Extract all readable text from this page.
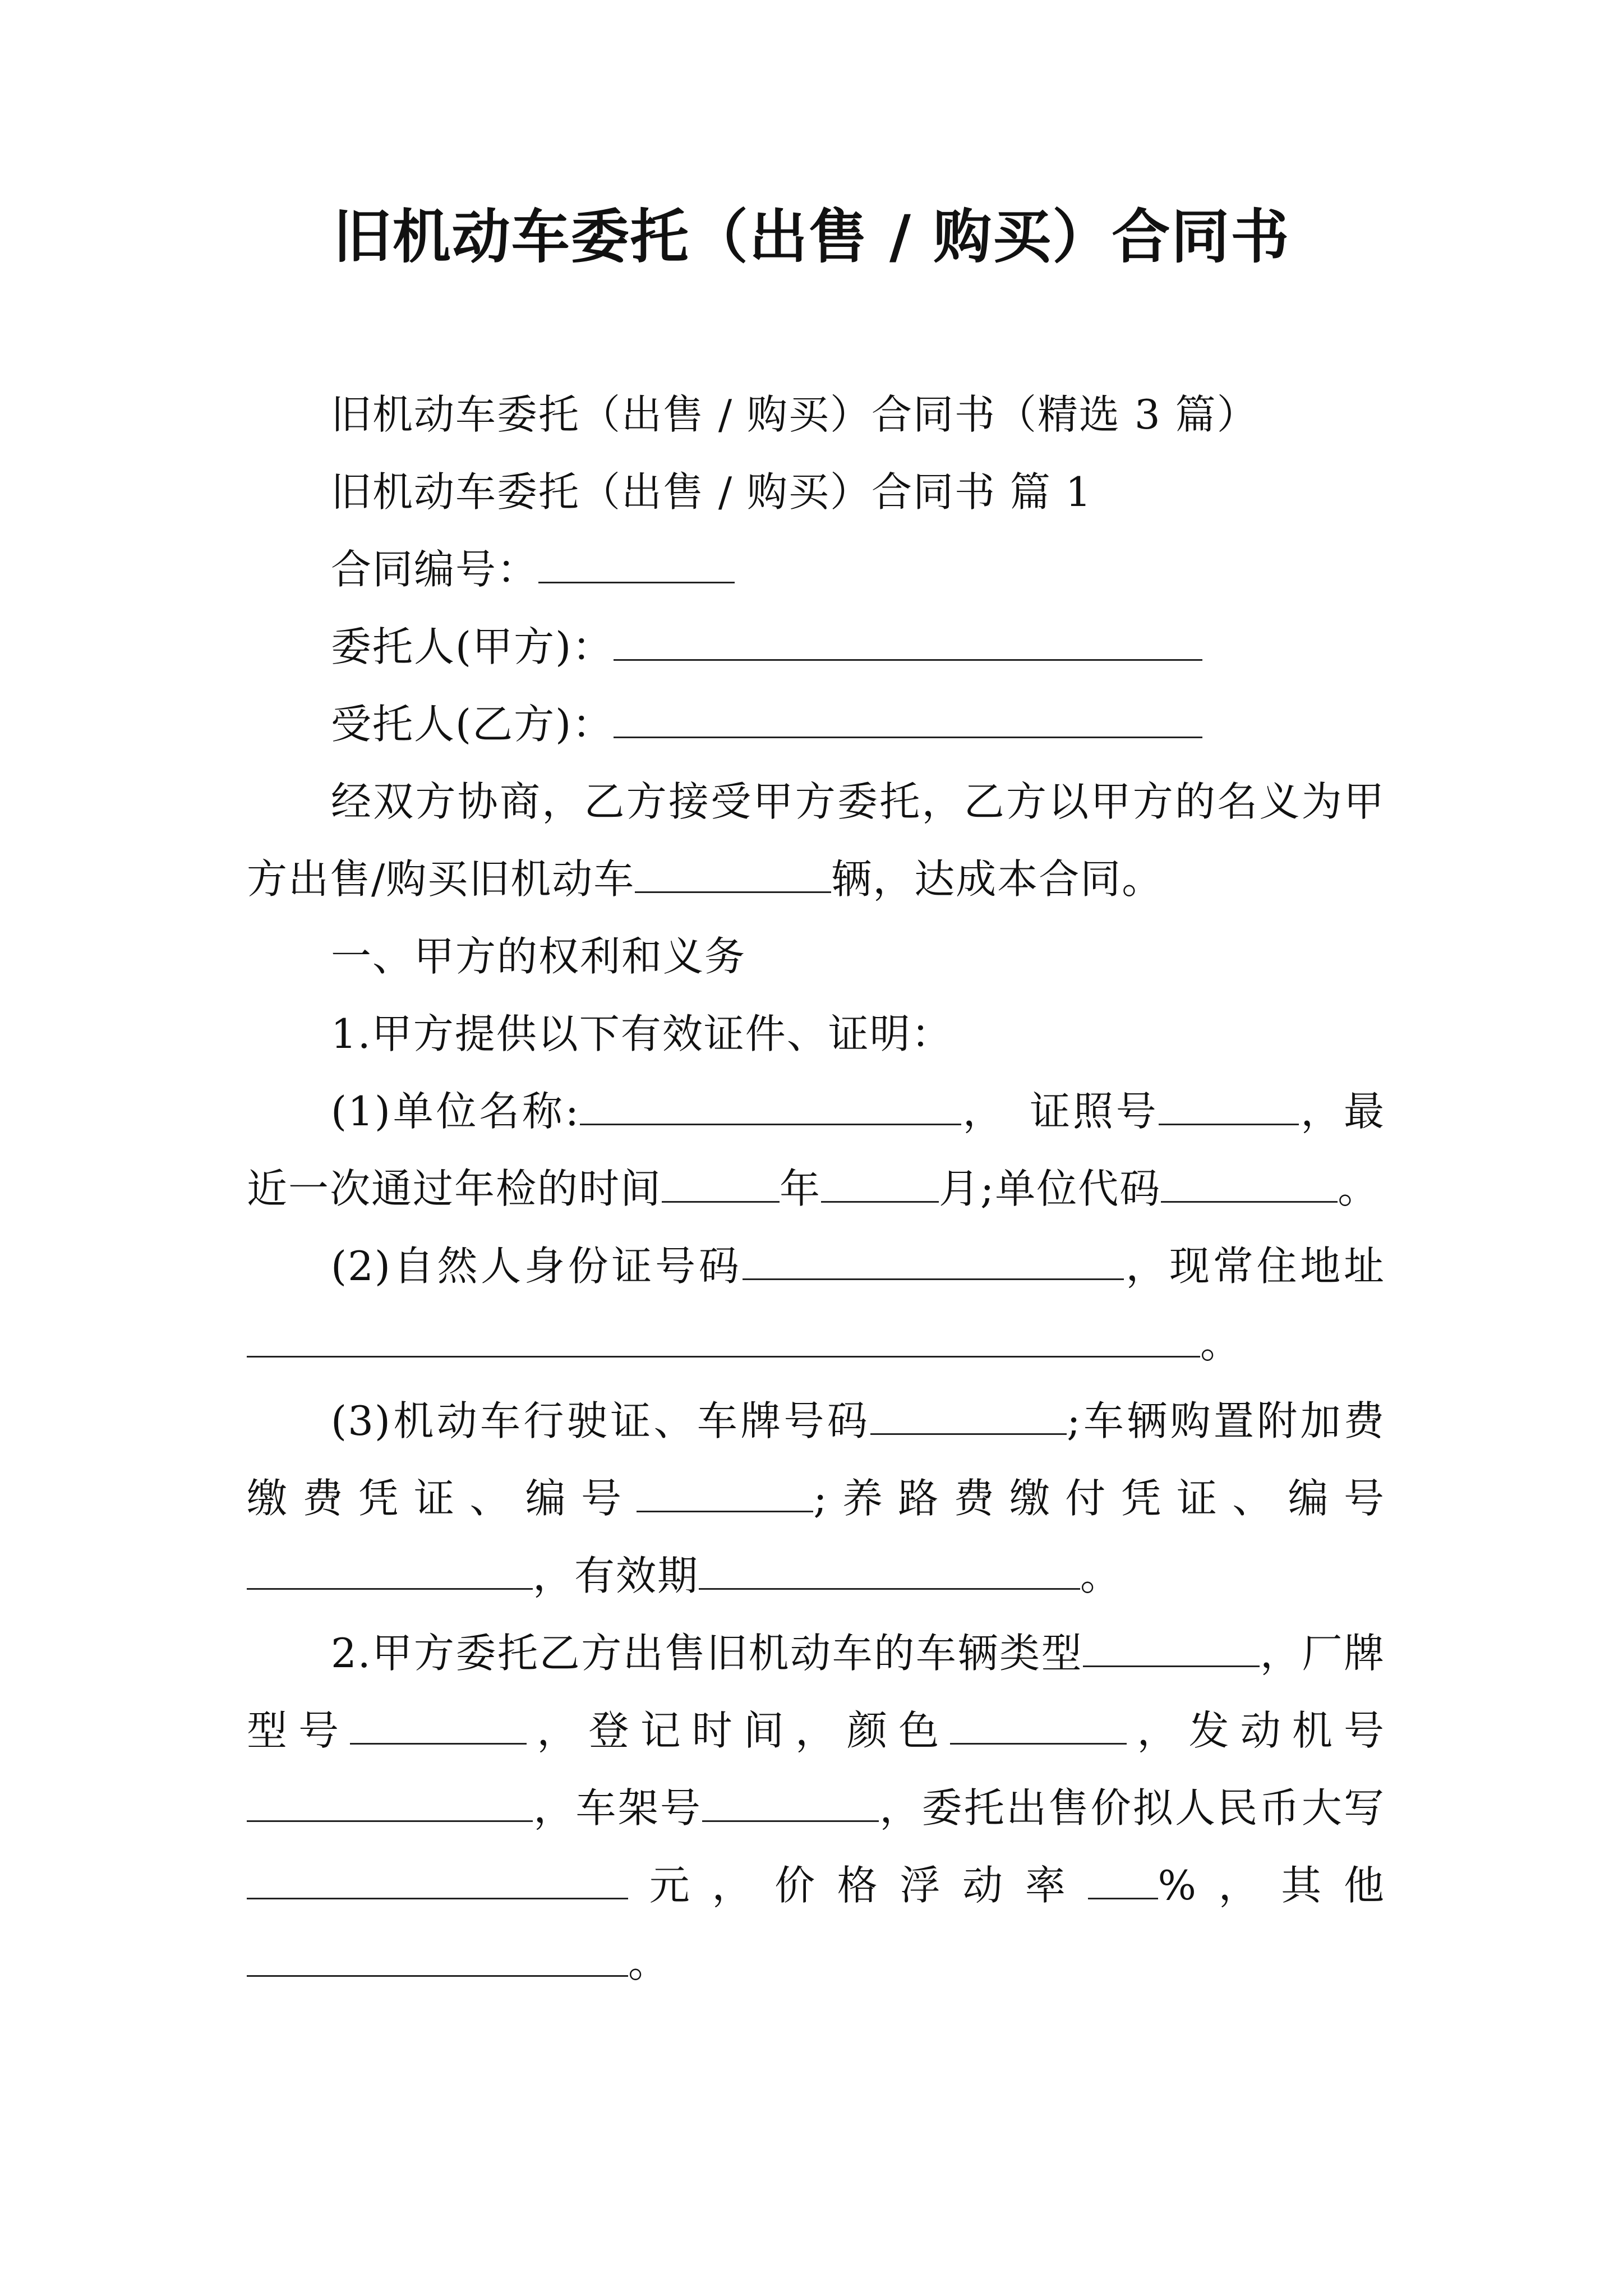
旧机动车委托（出售 / 购买）合同书

旧机动车委托（出售 / 购买）合同书（精选 3 篇）

旧机动车委托（出售 / 购买）合同书 篇 1

合同编号：

委托人(甲方)：

受托人(乙方)：

经双方协商，乙方接受甲方委托，乙方以甲方的名义为甲方出售/购买旧机动车	辆，达成本合同。

一、甲方的权利和义务

1.甲方提供以下有效证件、证明：

(1)单位名称:	， 证照号	，最近一次通过年检的时间	年	月;单位代码	。

(2)自然人身份证号码	，现常住地址。

(3)机动车行驶证、车牌号码	;车辆购置附加费缴费凭证、编号	;养路费缴付凭证、编号，有效期	。

2.甲方委托乙方出售旧机动车的车辆类型	，厂牌型号	，登记时间，颜色	，发动机号，车架号	，委托出售价拟人民币大写元，价格浮动率 %，其他。
